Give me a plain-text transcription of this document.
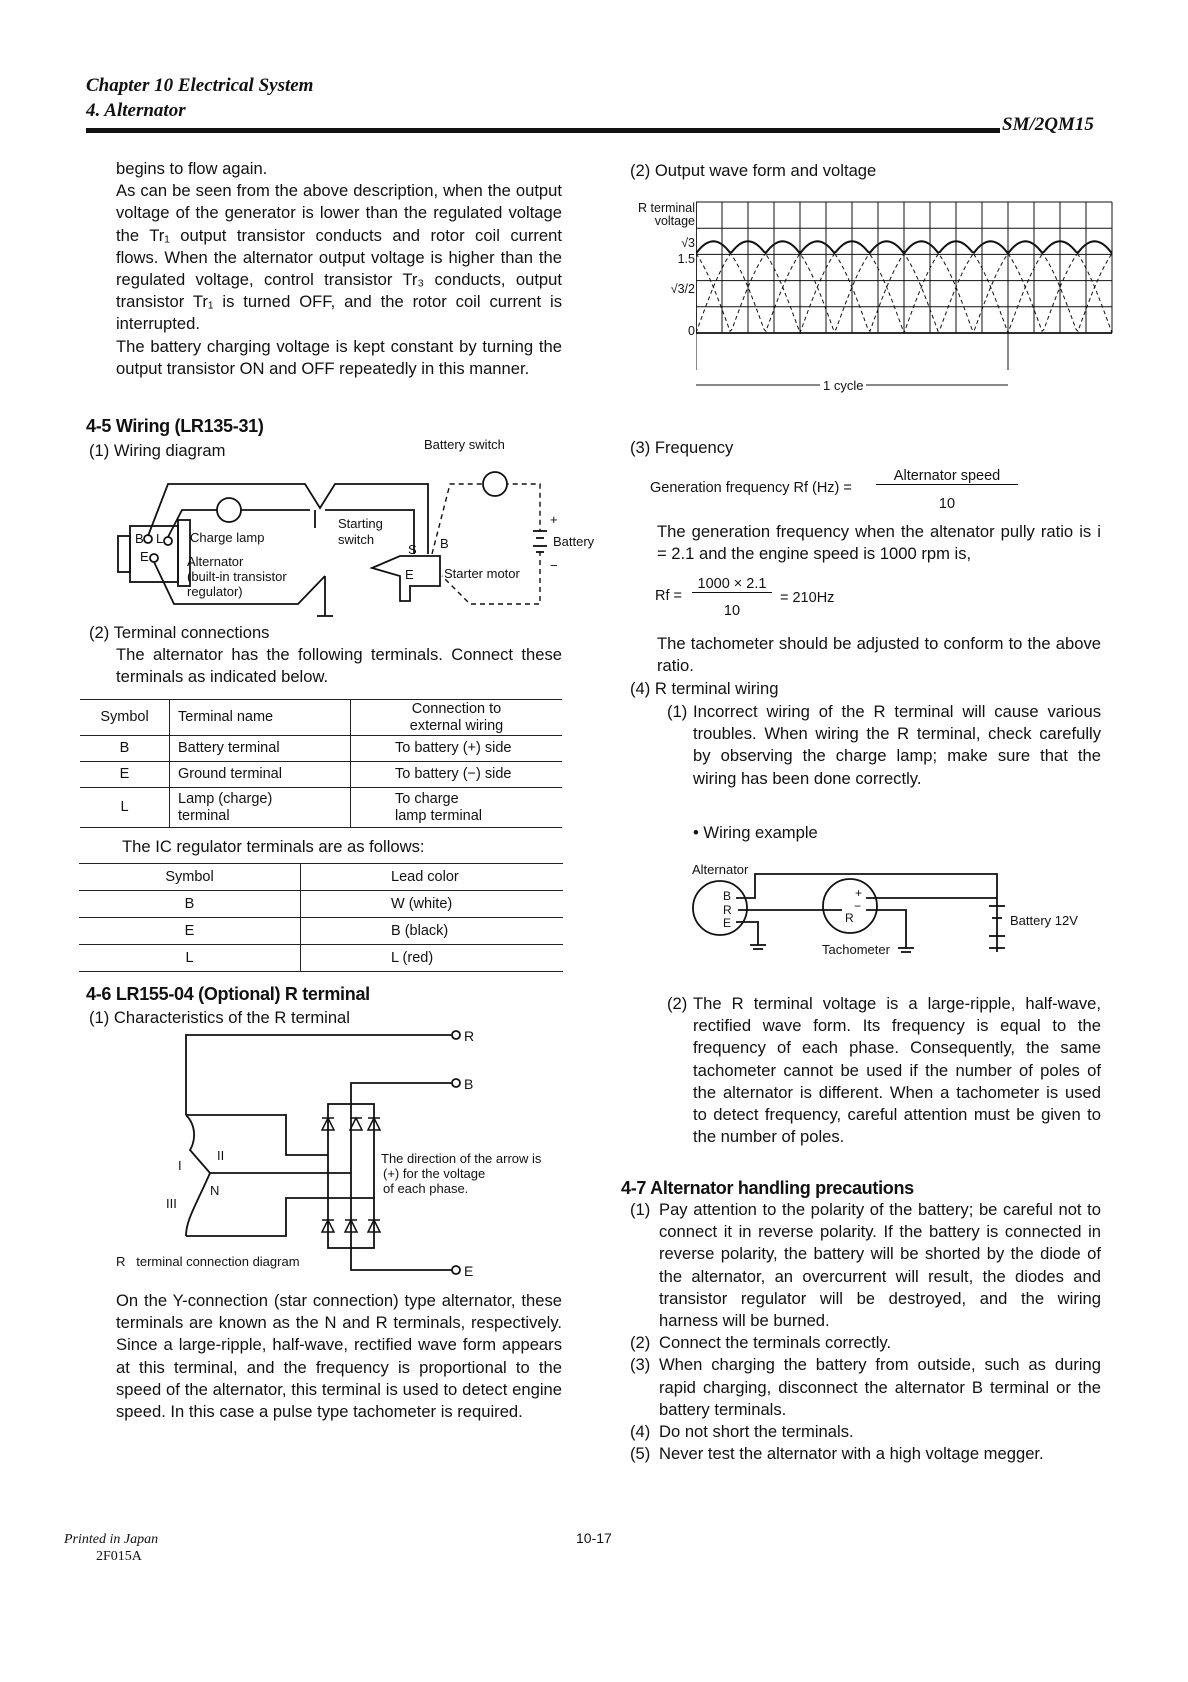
Chapter 10 Electrical System
4. Alternator
SM/2QM15
begins to flow again.
As can be seen from the above description, when the output voltage of the generator is lower than the regulated voltage the Tr₁ output transistor conducts and rotor coil current flows. When the alternator output voltage is higher than the regulated voltage, control transistor Tr₃ conducts, output transistor Tr₁ is turned OFF, and the rotor coil current is interrupted.
The battery charging voltage is kept constant by turning the output transistor ON and OFF repeatedly in this manner.
4-5 Wiring (LR135-31)
(1) Wiring diagram	Battery switch
B L
E
Charge lamp
Starting
switch
Alternator
(built-in transistor
regulator)
S B
E Starter motor
+
−
Battery
(2) Terminal connections
The alternator has the following terminals. Connect these terminals as indicated below.
Symbol	Terminal name	Connection to external wiring
B	Battery terminal	To battery (+) side
E	Ground terminal	To battery (−) side
L	Lamp (charge) terminal	To charge lamp terminal
The IC regulator terminals are as follows:
Symbol	Lead color
B	W (white)
E	B (black)
L	L (red)
4-6 LR155-04 (Optional) R terminal
(1) Characteristics of the R terminal
R
B
E
I
II
III
N
The direction of the arrow is
(+) for the voltage
of each phase.
R   terminal connection diagram
On the Y-connection (star connection) type alternator, these terminals are known as the N and R terminals, respectively. Since a large-ripple, half-wave, rectified wave form appears at this terminal, and the frequency is proportional to the speed of the alternator, this terminal is used to detect engine speed. In this case a pulse type tachometer is required.
(2) Output wave form and voltage
R terminal
voltage
√3
1.5
√3/2
0
1 cycle
(3) Frequency
Generation frequency Rf (Hz) =
Alternator speed
10
The generation frequency when the altenator pully ratio is i = 2.1 and the engine speed is 1000 rpm is,
Rf =
1000 × 2.1
10
= 210Hz
The tachometer should be adjusted to conform to the above ratio.
(4) R terminal wiring
(1) Incorrect wiring of the R terminal will cause various troubles. When wiring the R terminal, check carefully by observing the charge lamp; make sure that the wiring has been done correctly.
• Wiring example
Alternator
B
R
E
+
−
R
Tachometer
Battery 12V
(2) The R terminal voltage is a large-ripple, half-wave, rectified wave form. Its frequency is equal to the frequency of each phase. Consequently, the same tachometer cannot be used if the number of poles of the alternator is different. When a tachometer is used to detect frequency, careful attention must be given to the number of poles.
4-7 Alternator handling precautions
(1) Pay attention to the polarity of the battery; be careful not to connect it in reverse polarity. If the battery is connected in reverse polarity, the battery will be shorted by the diode of the alternator, an overcurrent will result, the diodes and transistor regulator will be destroyed, and the wiring harness will be burned.
(2) Connect the terminals correctly.
(3) When charging the battery from outside, such as during rapid charging, disconnect the alternator B terminal or the battery terminals.
(4) Do not short the terminals.
(5) Never test the alternator with a high voltage megger.
Printed in Japan
2F015A
10-17
